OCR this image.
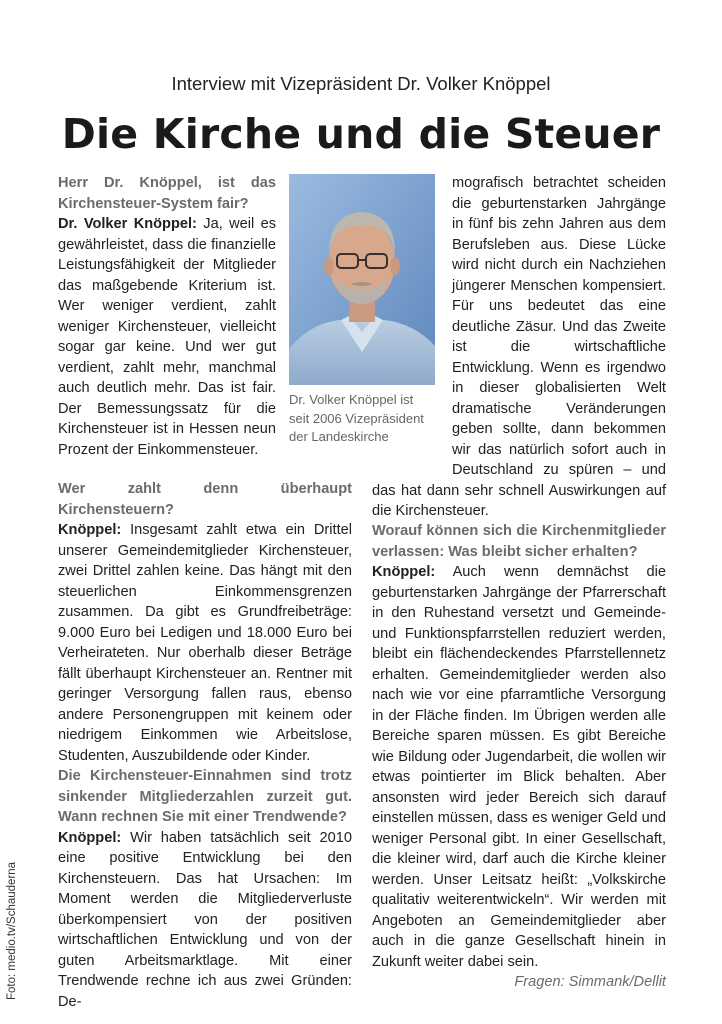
Interview mit Vizepräsident Dr. Volker Knöppel
Die Kirche und die Steuer
Dr. Volker Knöppel ist
seit 2006 Vizepräsident
der Landeskirche
Foto: medio.tv/Schauderna
Herr Dr. Knöppel, ist das Kirchensteuer-System fair?
Dr. Volker Knöppel: Ja, weil es gewährleistet, dass die finanzielle Leistungsfähigkeit der Mitglieder das maßgebende Kriterium ist. Wer weniger verdient, zahlt weniger Kirchensteuer, vielleicht sogar gar keine. Und wer gut verdient, zahlt mehr, manchmal auch deutlich mehr. Das ist fair. Der Bemessungssatz für die Kirchensteuer ist in Hessen neun Prozent der Einkommensteuer.
Wer zahlt denn überhaupt Kirchensteuern?
Knöppel: Insgesamt zahlt etwa ein Drittel unserer Gemeindemitglieder Kirchensteuer, zwei Drittel zahlen keine. Das hängt mit den steuerlichen Einkommensgrenzen zusammen. Da gibt es Grundfreibeträge: 9.000 Euro bei Ledigen und 18.000 Euro bei Verheirateten. Nur oberhalb dieser Beträge fällt überhaupt Kirchensteuer an. Rentner mit geringer Versorgung fallen raus, ebenso andere Personengruppen mit keinem oder niedrigem Einkommen wie Arbeitslose, Studenten, Auszubildende oder Kinder.
Die Kirchensteuer-Einnahmen sind trotz sinkender Mitgliederzahlen zurzeit gut. Wann rechnen Sie mit einer Trendwende?
Knöppel: Wir haben tatsächlich seit 2010 eine positive Entwicklung bei den Kirchensteuern. Das hat Ursachen: Im Moment werden die Mitgliederverluste überkompensiert von der positiven wirtschaftlichen Entwicklung und von der guten Arbeitsmarktlage. Mit einer Trendwende rechne ich aus zwei Gründen: De-
mografisch betrachtet scheiden die geburtenstarken Jahrgänge in fünf bis zehn Jahren aus dem Berufsleben aus. Diese Lücke wird nicht durch ein Nachziehen jüngerer Menschen kompensiert. Für uns bedeutet das eine deutliche Zäsur. Und das Zweite ist die wirtschaftliche Entwicklung. Wenn es irgendwo in dieser globalisierten Welt dramatische Veränderungen geben sollte, dann bekommen wir das natürlich sofort auch in Deutschland zu spüren – und das hat dann sehr schnell Auswirkungen auf die Kirchensteuer.
Worauf können sich die Kirchenmitglieder verlassen: Was bleibt sicher erhalten?
Knöppel: Auch wenn demnächst die geburtenstarken Jahrgänge der Pfarrerschaft in den Ruhestand versetzt und Gemeinde- und Funktionspfarrstellen reduziert werden, bleibt ein flächendeckendes Pfarrstellennetz erhalten. Gemeindemitglieder werden also nach wie vor eine pfarramtliche Versorgung in der Fläche finden. Im Übrigen werden alle Bereiche sparen müssen. Es gibt Bereiche wie Bildung oder Jugendarbeit, die wollen wir etwas pointierter im Blick behalten. Aber ansonsten wird jeder Bereich sich darauf einstellen müssen, dass es weniger Geld und weniger Personal gibt. In einer Gesellschaft, die kleiner wird, darf auch die Kirche kleiner werden. Unser Leitsatz heißt: „Volkskirche qualitativ weiterentwickeln“. Wir werden mit Angeboten an Gemeindemitglieder aber auch in die ganze Gesellschaft hinein in Zukunft weiter dabei sein.
Fragen: Simmank/Dellit
